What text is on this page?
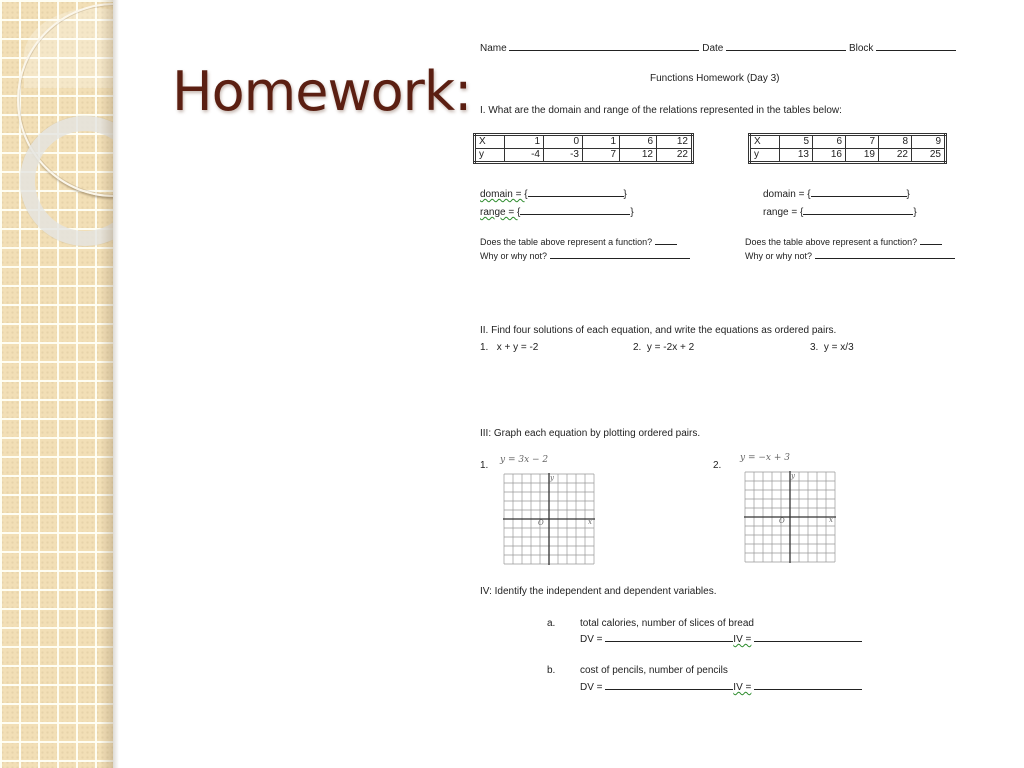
Homework:
Name	Date	Block
Functions Homework (Day 3)
I. What are the domain and range of the relations represented in the tables below:
X	1	0	1	6	12
y	-4	-3	7	12	22
X	5	6	7	8	9
y	13	16	19	22	25
domain = {	}
range = {	}
domain = {	}
range = {	}
Does the table above represent a function?
Why or why not?
Does the table above represent a function?
Why or why not?
II. Find four solutions of each equation, and write the equations as ordered pairs.
1. x + y = -2	2. y = -2x + 2	3. y = x/3
III: Graph each equation by plotting ordered pairs.
1. y = 3x − 2
O
y
x
2.
y = −x + 3
O
y
x
IV: Identify the independent and dependent variables.
a. total calories, number of slices of bread
DV =	IV =
b. cost of pencils, number of pencils
DV =	IV =
